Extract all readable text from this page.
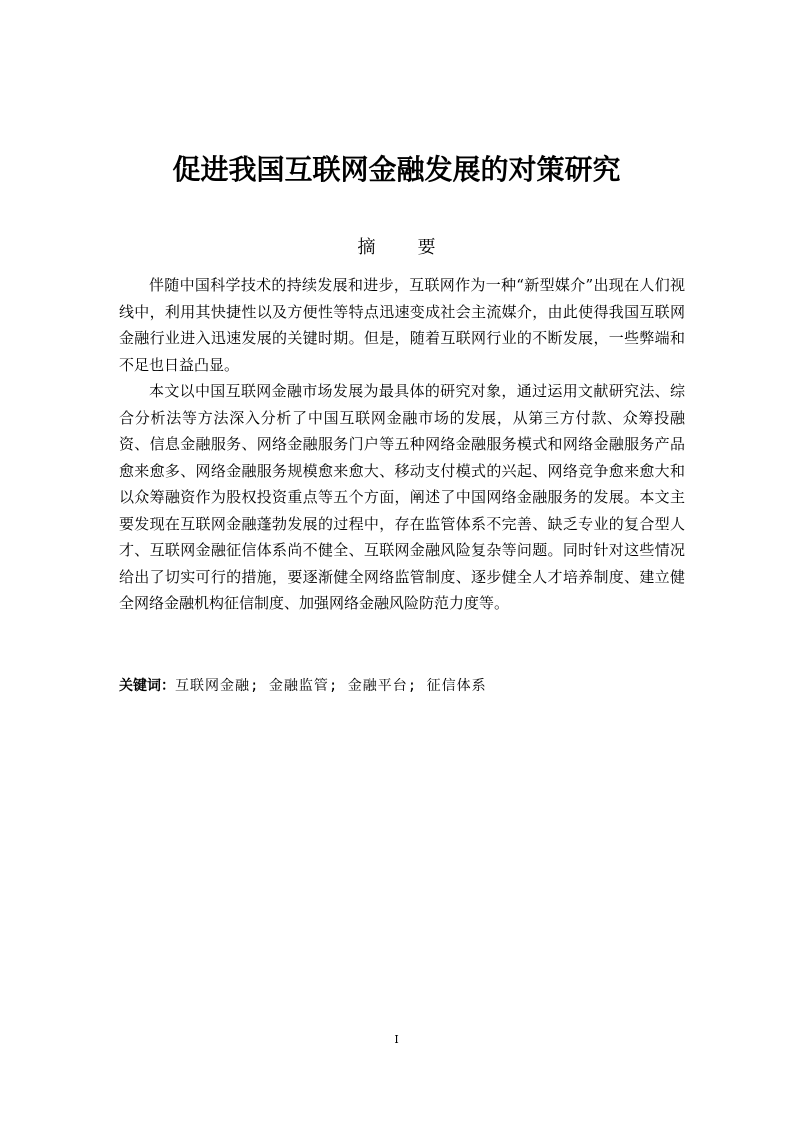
促进我国互联网金融发展的对策研究
摘 要

伴随中国科学技术的持续发展和进步，互联网作为一种“新型媒介”出现在人们视线中，利用其快捷性以及方便性等特点迅速变成社会主流媒介，由此使得我国互联网金融行业进入迅速发展的关键时期。但是，随着互联网行业的不断发展，一些弊端和不足也日益凸显。

本文以中国互联网金融市场发展为最具体的研究对象，通过运用文献研究法、综合分析法等方法深入分析了中国互联网金融市场的发展，从第三方付款、众筹投融资、信息金融服务、网络金融服务门户等五种网络金融服务模式和网络金融服务产品愈来愈多、网络金融服务规模愈来愈大、移动支付模式的兴起、网络竞争愈来愈大和以众筹融资作为股权投资重点等五个方面，阐述了中国网络金融服务的发展。本文主要发现在互联网金融蓬勃发展的过程中，存在监管体系不完善、缺乏专业的复合型人才、互联网金融征信体系尚不健全、互联网金融风险复杂等问题。同时针对这些情况给出了切实可行的措施，要逐渐健全网络监管制度、逐步健全人才培养制度、建立健全网络金融机构征信制度、加强网络金融风险防范力度等。

关键词：互联网金融; 金融监管; 金融平台; 征信体系
I
